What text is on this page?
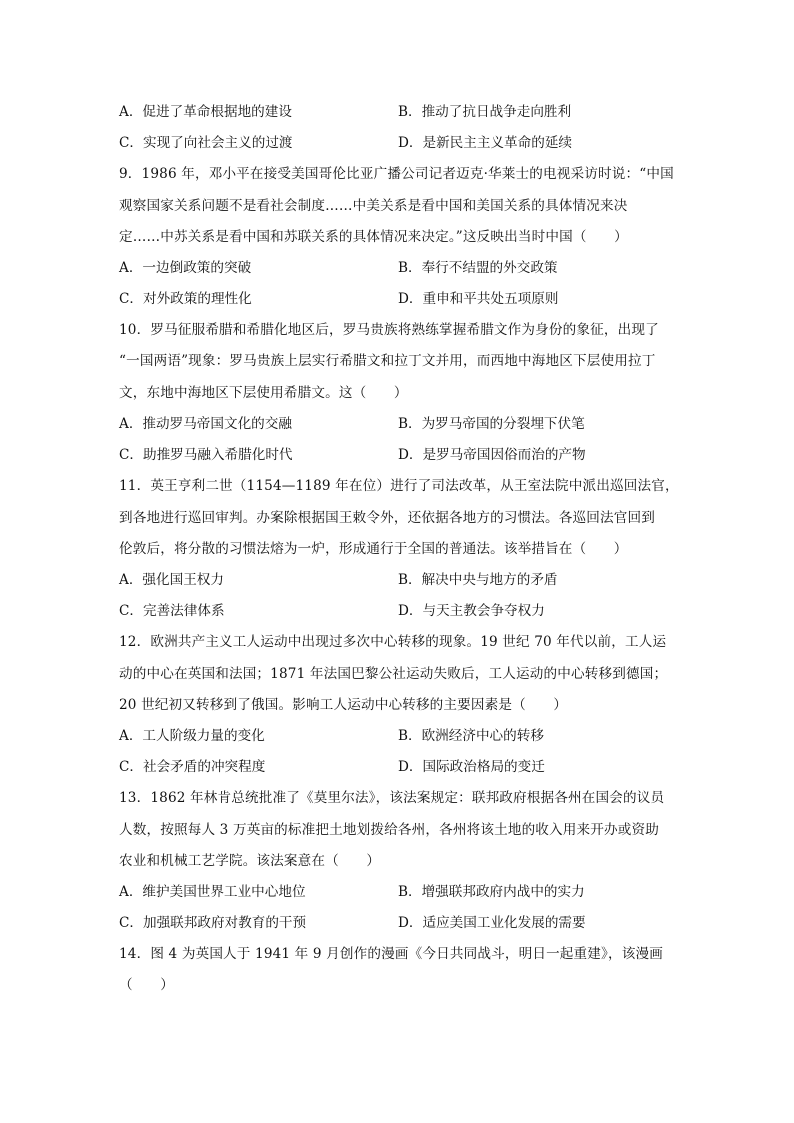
A．促进了革命根据地的建设	B．推动了抗日战争走向胜利
C．实现了向社会主义的过渡	D．是新民主主义革命的延续
9．1986 年，邓小平在接受美国哥伦比亚广播公司记者迈克·华莱士的电视采访时说：“中国
观察国家关系问题不是看社会制度……中美关系是看中国和美国关系的具体情况来决
定……中苏关系是看中国和苏联关系的具体情况来决定。”这反映出当时中国（　　）
A．一边倒政策的突破	B．奉行不结盟的外交政策
C．对外政策的理性化	D．重申和平共处五项原则
10．罗马征服希腊和希腊化地区后，罗马贵族将熟练掌握希腊文作为身份的象征，出现了
“一国两语”现象：罗马贵族上层实行希腊文和拉丁文并用，而西地中海地区下层使用拉丁
文，东地中海地区下层使用希腊文。这（　　）
A．推动罗马帝国文化的交融	B．为罗马帝国的分裂埋下伏笔
C．助推罗马融入希腊化时代	D．是罗马帝国因俗而治的产物
11．英王亨利二世（1154—1189 年在位）进行了司法改革，从王室法院中派出巡回法官，
到各地进行巡回审判。办案除根据国王敕令外，还依据各地方的习惯法。各巡回法官回到
伦敦后，将分散的习惯法熔为一炉，形成通行于全国的普通法。该举措旨在（　　）
A．强化国王权力	B．解决中央与地方的矛盾
C．完善法律体系	D．与天主教会争夺权力
12．欧洲共产主义工人运动中出现过多次中心转移的现象。19 世纪 70 年代以前，工人运
动的中心在英国和法国；1871 年法国巴黎公社运动失败后，工人运动的中心转移到德国；
20 世纪初又转移到了俄国。影响工人运动中心转移的主要因素是（　　）
A．工人阶级力量的变化	B．欧洲经济中心的转移
C．社会矛盾的冲突程度	D．国际政治格局的变迁
13．1862 年林肯总统批准了《莫里尔法》，该法案规定：联邦政府根据各州在国会的议员
人数，按照每人 3 万英亩的标准把土地划拨给各州，各州将该土地的收入用来开办或资助
农业和机械工艺学院。该法案意在（　　）
A．维护美国世界工业中心地位	B．增强联邦政府内战中的实力
C．加强联邦政府对教育的干预	D．适应美国工业化发展的需要
14．图 4 为英国人于 1941 年 9 月创作的漫画《今日共同战斗，明日一起重建》，该漫画
（　　）
